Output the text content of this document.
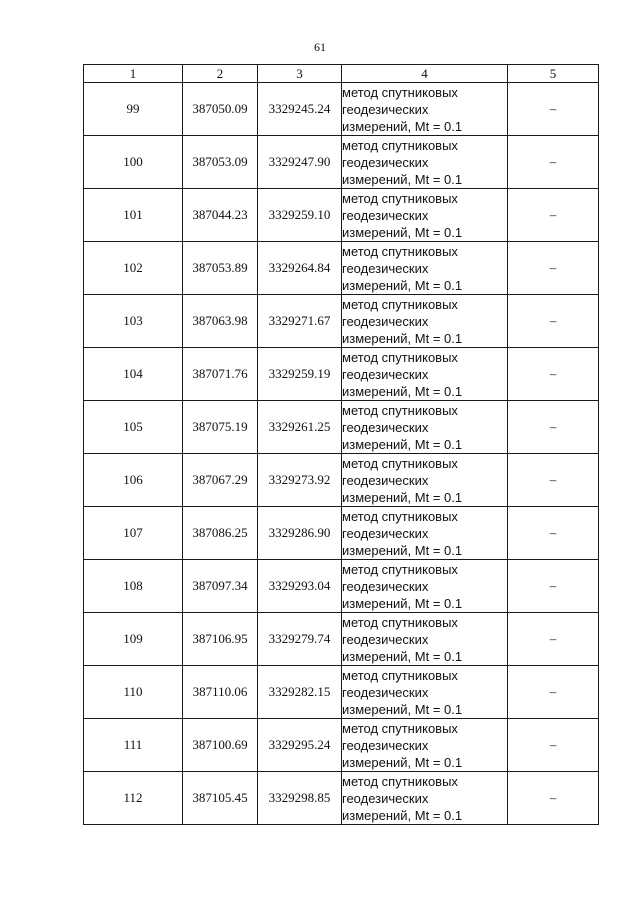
61
1	2	3	4	5
99	387050.09	3329245.24	метод спутниковых
геодезических
измерений, Mt = 0.1	–
100	387053.09	3329247.90	метод спутниковых
геодезических
измерений, Mt = 0.1	–
101	387044.23	3329259.10	метод спутниковых
геодезических
измерений, Mt = 0.1	–
102	387053.89	3329264.84	метод спутниковых
геодезических
измерений, Mt = 0.1	–
103	387063.98	3329271.67	метод спутниковых
геодезических
измерений, Mt = 0.1	–
104	387071.76	3329259.19	метод спутниковых
геодезических
измерений, Mt = 0.1	–
105	387075.19	3329261.25	метод спутниковых
геодезических
измерений, Mt = 0.1	–
106	387067.29	3329273.92	метод спутниковых
геодезических
измерений, Mt = 0.1	–
107	387086.25	3329286.90	метод спутниковых
геодезических
измерений, Mt = 0.1	–
108	387097.34	3329293.04	метод спутниковых
геодезических
измерений, Mt = 0.1	–
109	387106.95	3329279.74	метод спутниковых
геодезических
измерений, Mt = 0.1	–
110	387110.06	3329282.15	метод спутниковых
геодезических
измерений, Mt = 0.1	–
111	387100.69	3329295.24	метод спутниковых
геодезических
измерений, Mt = 0.1	–
112	387105.45	3329298.85	метод спутниковых
геодезических
измерений, Mt = 0.1	–
